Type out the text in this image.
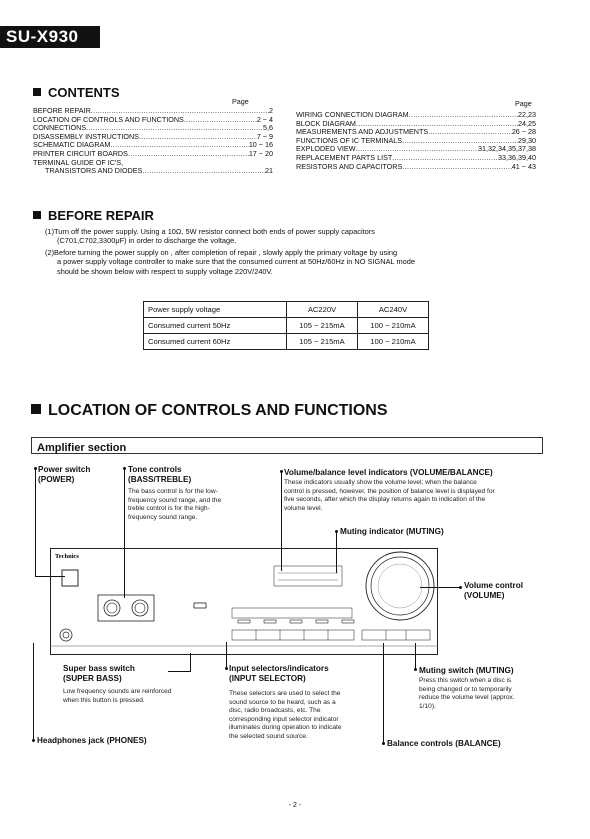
SU-X930
CONTENTS
Page	Page
BEFORE REPAIR .....	2
LOCATION OF CONTROLS AND FUNCTIONS .....	2 ~ 4
CONNECTIONS .....	5,6
DISASSEMBLY INSTRUCTIONS .....	7 ~ 9
SCHEMATIC DIAGRAM .....	10 ~ 16
PRINTER CIRCUIT BOARDS .....	17 ~ 20
TERMINAL GUIDE OF IC'S,
TRANSISTORS AND DIODES .....	21
WIRING CONNECTION DIAGRAM .....	22,23
BLOCK DIAGRAM .....	24,25
MEASUREMENTS AND ADJUSTMENTS .....	26 ~ 28
FUNCTIONS OF IC TERMINALS .....	29,30
EXPLODED VIEW .....	31,32,34,35,37,38
REPLACEMENT PARTS LIST .....	33,36,39,40
RESISTORS AND CAPACITORS .....	41 ~ 43
BEFORE REPAIR
(1)Turn off the power supply. Using a 10Ω, 5W resistor connect both ends of power supply capacitors
(C701,C702,3300μF) in order to discharge the voltage.
(2)Before turning the power supply on , after completion of repair , slowly apply the primary voltage by using
a power supply voltage controller to make sure that the consumed current at 50Hz/60Hz in NO SIGNAL mode
should be shown below with respect to supply voltage 220V/240V.
Power supply voltage	AC220V	AC240V
Consumed current 50Hz	105 ~ 215mA	100 ~ 210mA
Consumed current 60Hz	105 ~ 215mA	100 ~ 210mA
LOCATION OF CONTROLS AND FUNCTIONS
Amplifier section
Power switch
(POWER)
Tone controls
(BASS/TREBLE)
The bass control is for the low-
frequency sound range, and the
treble control is for the high-
frequency sound range.
Volume/balance level indicators (VOLUME/BALANCE)
These indicators usually show the volume level; when the balance
control is pressed, however, the position of balance level is displayed for
five seconds, after which the display returns again to indication of the
volume level.
Muting indicator (MUTING)
Volume control
(VOLUME)
Super bass switch
(SUPER BASS)
Low frequency sounds are reinforced
when this button is pressed.
Input selectors/indicators
(INPUT SELECTOR)
These selectors are used to select the
sound source to be heard, such as a
disc, radio broadcasts, etc. The
corresponding input selector indicator
illuminates during operation to indicate
the selected sound source.
Muting switch (MUTING)
Press this switch when a disc is
being changed or to temporarily
reduce the volume level (approx.
1/10).
Headphones jack (PHONES)	Balance controls (BALANCE)
Technics
- 2 -
